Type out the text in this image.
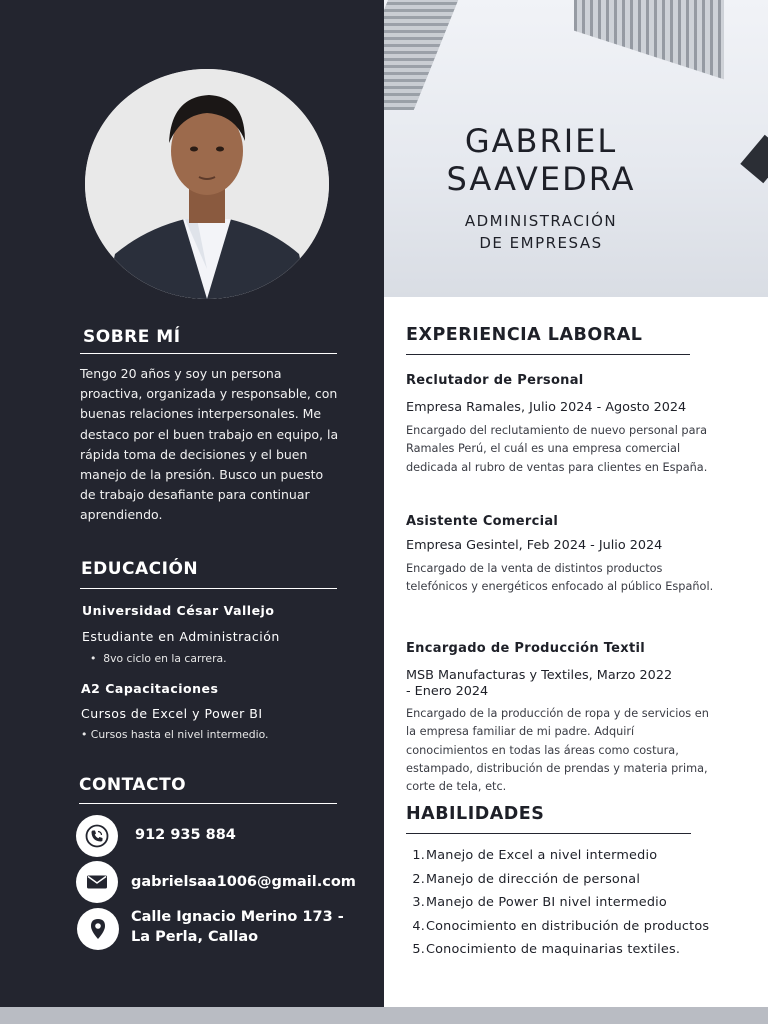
GABRIEL
SAAVEDRA
ADMINISTRACIÓN
DE EMPRESAS
SOBRE MÍ
Tengo 20 años y soy un persona proactiva, organizada y responsable, con buenas relaciones interpersonales. Me destaco por el buen trabajo en equipo, la rápida toma de decisiones y el buen manejo de la presión. Busco un puesto de trabajo desafiante para continuar aprendiendo.
EDUCACIÓN
Universidad César Vallejo
Estudiante en Administración
• 8vo ciclo en la carrera.
A2 Capacitaciones
Cursos de Excel y Power BI
• Cursos hasta el nivel intermedio.
CONTACTO
912 935 884
gabrielsaa1006@gmail.com
Calle Ignacio Merino 173 -
La Perla, Callao
EXPERIENCIA LABORAL
Reclutador de Personal
Empresa Ramales, Julio 2024 - Agosto 2024
Encargado del reclutamiento de nuevo personal para Ramales Perú, el cuál es una empresa comercial dedicada al rubro de ventas para clientes en España.
Asistente Comercial
Empresa Gesintel, Feb 2024 - Julio 2024
Encargado de la venta de distintos productos telefónicos y energéticos enfocado al público Español.
Encargado de Producción Textil
MSB Manufacturas y Textiles, Marzo 2022
- Enero 2024
Encargado de la producción de ropa y de servicios en la empresa familiar de mi padre. Adquirí conocimientos en todas las áreas como costura, estampado, distribución de prendas y materia prima, corte de tela, etc.
HABILIDADES
1.Manejo de Excel a nivel intermedio
2.Manejo de dirección de personal
3.Manejo de Power BI nivel intermedio
4.Conocimiento en distribución de productos
5.Conocimiento de maquinarias textiles.
